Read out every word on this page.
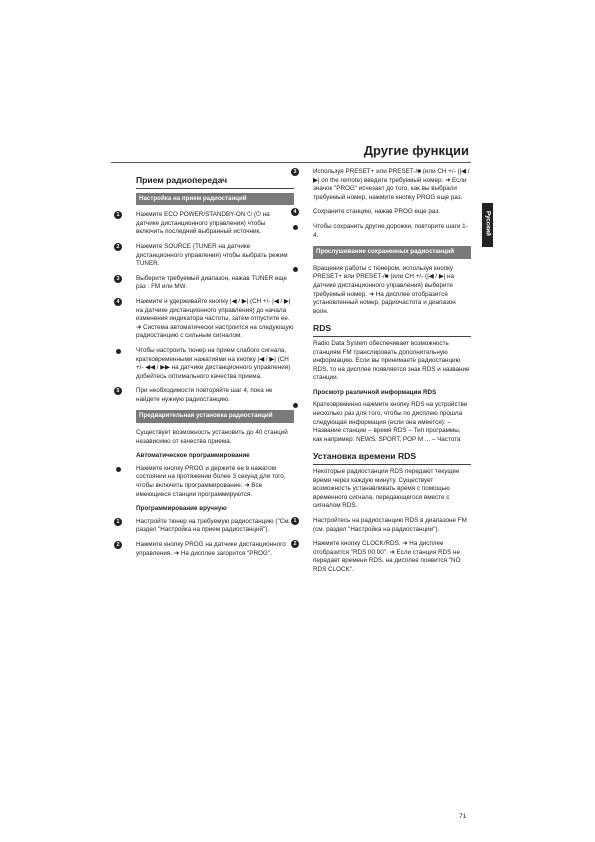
Другие функции
Русский
Прием радиопередач
Настройка на прием радиостанций
1	Нажмите ECO POWER/STANDBY-ON ⏻ (⏻ на датчике дистанционного управления) чтобы включить последний выбранный источник.
2	Нажмите SOURCE (TUNER на датчике дистанционного управления) чтобы выбрать режим TUNER.
3	Выберите требуемый диапазон, нажав TUNER еще раз : FM или MW.
4	Нажмите и удерживайте кнопку |◀ / ▶| (CH +/- |◀ / ▶| на датчике дистанционного управления) до начала изменения индикатора частоты, затем отпустите ее. ➜ Система автоматически настроится на следующую радиостанцию с сильным сигналом.
Чтобы настроить тюнер на прием слабого сигнала, кратковременными нажатиями на кнопку |◀ / ▶| (CH +/- ◀◀ / ▶▶ на датчике дистанционного управления) добейтесь оптимального качества приема.
5	При необходимости повторяйте шаг 4, пока не найдете нужную радиостанцию.
Предварительная установка радиостанций

Существует возможность установить до 40 станций независимо от качества приема.

Автоматическое программирование
Нажмите кнопку PROG и держите ее в нажатом состоянии на протяжении более 3 секунд для того, чтобы включить программирование. ➜ Все имеющиеся станции программируются.
Программирование вручную
1	Настройте тюнер на требуемую радиостанцию ("См. раздел "Настройка на прием радиостанций").
2	Нажмите кнопку PROG на датчике дистанционного управления. ➜ На дисплее загорится "PROG".
3	Используя PRESET+ или PRESET-/■ (или CH +/- (|◀ / ▶| on the remote) введите требуемый номер. ➜ Если значок "PROG" исчезает до того, как вы выбрали требуемый номер, нажмите кнопку PROG еще раз.
4	Сохраните станцию, нажав PROG еще раз.
Чтобы сохранить другие дорожки, повторите шаги 1-4.
Прослушивание сохраненных радиостанций
Вращение работы с тюнером, используя кнопку PRESET+ или PRESET-/■ (или CH +/- (|◀ / ▶| на датчике дистанционного управления) выберите требуемый номер. ➜ На дисплее отобразится установленный номер, радиочастота и диапазон волн.
RDS

Radio Data System обеспечивает возможность станциям FM транслировать дополнительную информацию. Если вы принимаете радиостанцию RDS, то на дисплее появляется знак RDS и название станции.

Просмотр различной информации RDS
Кратковременно нажмите кнопку RDS на устройстве несколько раз для того, чтобы по дисплею прошла следующая информация (если она имеется): – Название станции – время RDS – Тип программы, как например: NEWS, SPORT, POP M ... – Частота
Установка времени RDS

Некоторые радиостанции RDS передают текущее время через каждую минуту. Существует возможность устанавливать время с помощью временного сигнала, передающегося вместе с сигналом RDS.

1	Настройтесь на радиостанцию RDS в диапазоне FM (см. раздел "Настройка на радиостанции").
2	Нажмите кнопку CLOCK/RDS. ➜ На дисплее отобразится "RDS 00:00". ➜ Если станция RDS не передает времени RDS, на дисплее появится "NO RDS CLOCK".
71
